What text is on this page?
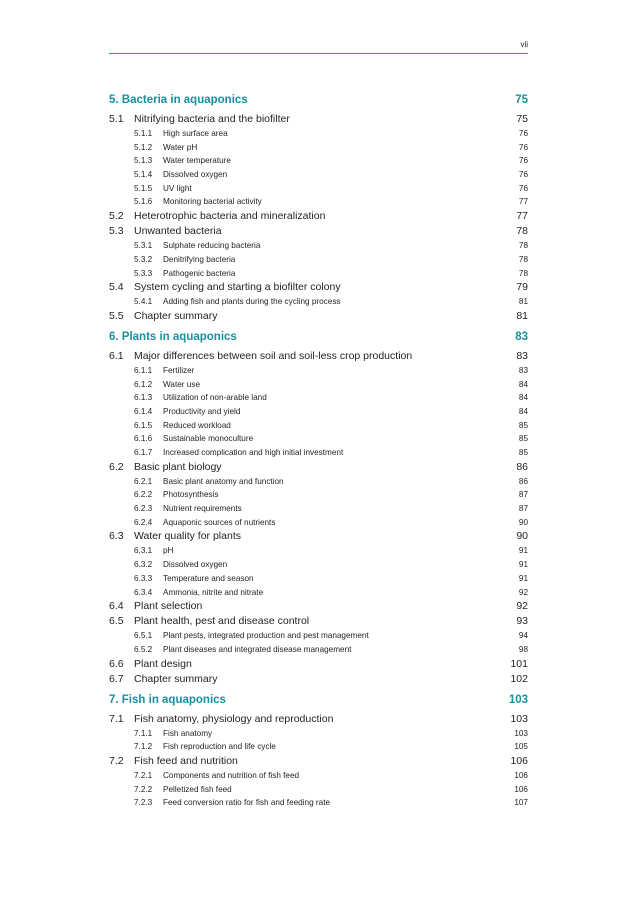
vii
5. Bacteria in aquaponics	75
5.1 Nitrifying bacteria and the biofilter	75
5.1.1 High surface area	76
5.1.2 Water pH	76
5.1.3 Water temperature	76
5.1.4 Dissolved oxygen	76
5.1.5 UV light	76
5.1.6 Monitoring bacterial activity	77
5.2 Heterotrophic bacteria and mineralization	77
5.3 Unwanted bacteria	78
5.3.1 Sulphate reducing bacteria	78
5.3.2 Denitrifying bacteria	78
5.3.3 Pathogenic bacteria	78
5.4 System cycling and starting a biofilter colony	79
5.4.1 Adding fish and plants during the cycling process	81
5.5 Chapter summary	81
6. Plants in aquaponics	83
6.1 Major differences between soil and soil-less crop production	83
6.1.1 Fertilizer	83
6.1.2 Water use	84
6.1.3 Utilization of non-arable land	84
6.1.4 Productivity and yield	84
6.1.5 Reduced workload	85
6.1.6 Sustainable monoculture	85
6.1.7 Increased complication and high initial investment	85
6.2 Basic plant biology	86
6.2.1 Basic plant anatomy and function	86
6.2.2 Photosynthesis	87
6.2.3 Nutrient requirements	87
6.2.4 Aquaponic sources of nutrients	90
6.3 Water quality for plants	90
6.3.1 pH	91
6.3.2 Dissolved oxygen	91
6.3.3 Temperature and season	91
6.3.4 Ammonia, nitrite and nitrate	92
6.4 Plant selection	92
6.5 Plant health, pest and disease control	93
6.5.1 Plant pests, integrated production and pest management	94
6.5.2 Plant diseases and integrated disease management	98
6.6 Plant design	101
6.7 Chapter summary	102
7. Fish in aquaponics	103
7.1 Fish anatomy, physiology and reproduction	103
7.1.1 Fish anatomy	103
7.1.2 Fish reproduction and life cycle	105
7.2 Fish feed and nutrition	106
7.2.1 Components and nutrition of fish feed	106
7.2.2 Pelletized fish feed	106
7.2.3 Feed conversion ratio for fish and feeding rate	107
